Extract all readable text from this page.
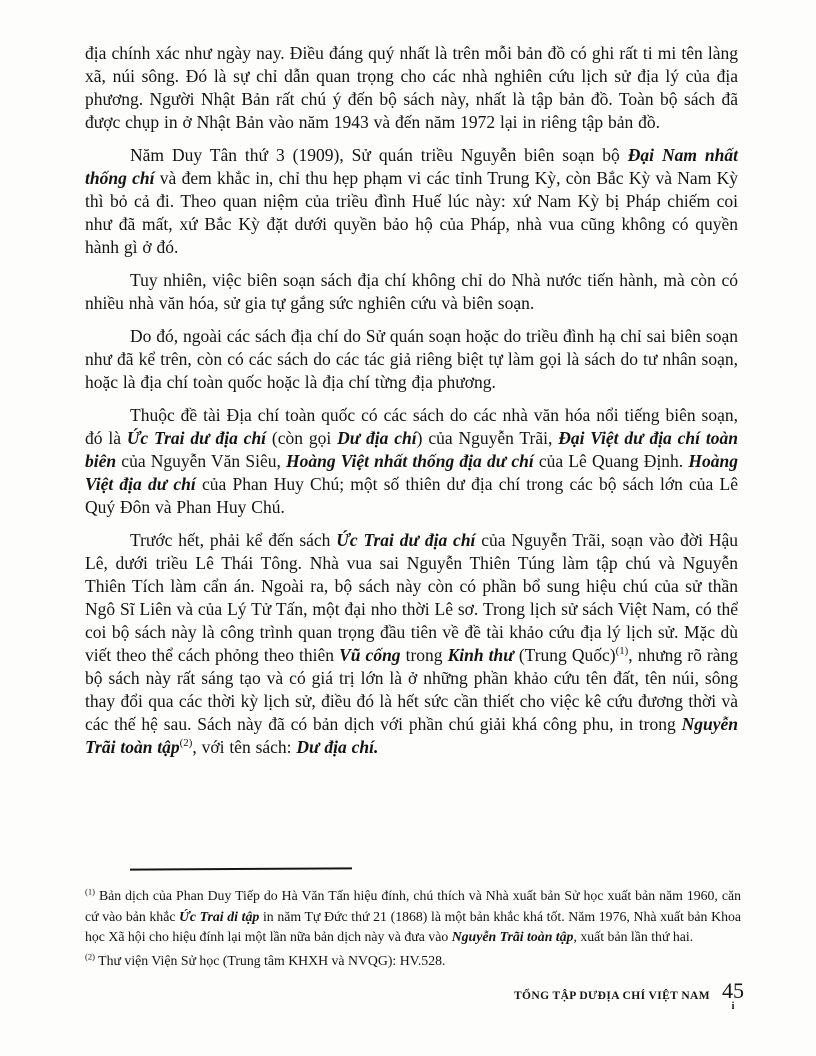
địa chính xác như ngày nay. Điều đáng quý nhất là trên mỗi bản đồ có ghi rất ti mi tên làng xã, núi sông. Đó là sự chỉ dẫn quan trọng cho các nhà nghiên cứu lịch sử địa lý của địa phương. Người Nhật Bản rất chú ý đến bộ sách này, nhất là tập bản đồ. Toàn bộ sách đã được chụp in ở Nhật Bản vào năm 1943 và đến năm 1972 lại in riêng tập bản đồ.

Năm Duy Tân thứ 3 (1909), Sử quán triều Nguyễn biên soạn bộ Đại Nam nhất thống chí và đem khắc in, chỉ thu hẹp phạm vi các tỉnh Trung Kỳ, còn Bắc Kỳ và Nam Kỳ thì bỏ cả đi. Theo quan niệm của triều đình Huế lúc này: xứ Nam Kỳ bị Pháp chiếm coi như đã mất, xứ Bắc Kỳ đặt dưới quyền bảo hộ của Pháp, nhà vua cũng không có quyền hành gì ở đó.

Tuy nhiên, việc biên soạn sách địa chí không chỉ do Nhà nước tiến hành, mà còn có nhiều nhà văn hóa, sử gia tự gắng sức nghiên cứu và biên soạn.

Do đó, ngoài các sách địa chí do Sử quán soạn hoặc do triều đình hạ chỉ sai biên soạn như đã kể trên, còn có các sách do các tác giả riêng biệt tự làm gọi là sách do tư nhân soạn, hoặc là địa chí toàn quốc hoặc là địa chí từng địa phương.

Thuộc đề tài Địa chí toàn quốc có các sách do các nhà văn hóa nổi tiếng biên soạn, đó là Ức Trai dư địa chí (còn gọi Dư địa chí) của Nguyễn Trãi, Đại Việt dư địa chí toàn biên của Nguyễn Văn Siêu, Hoàng Việt nhất thống địa dư chí của Lê Quang Định. Hoàng Việt địa dư chí của Phan Huy Chú; một số thiên dư địa chí trong các bộ sách lớn của Lê Quý Đôn và Phan Huy Chú.

Trước hết, phải kể đến sách Ức Trai dư địa chí của Nguyễn Trãi, soạn vào đời Hậu Lê, dưới triều Lê Thái Tông. Nhà vua sai Nguyễn Thiên Túng làm tập chú và Nguyễn Thiên Tích làm cẩn án. Ngoài ra, bộ sách này còn có phần bổ sung hiệu chú của sử thần Ngô Sĩ Liên và của Lý Tử Tấn, một đại nho thời Lê sơ. Trong lịch sử sách Việt Nam, có thể coi bộ sách này là công trình quan trọng đầu tiên về đề tài khảo cứu địa lý lịch sử. Mặc dù viết theo thể cách phỏng theo thiên Vũ cống trong Kinh thư (Trung Quốc)$^{(1)}$, nhưng rõ ràng bộ sách này rất sáng tạo và có giá trị lớn là ở những phần khảo cứu tên đất, tên núi, sông thay đổi qua các thời kỳ lịch sử, điều đó là hết sức cần thiết cho việc kê cứu đương thời và các thế hệ sau. Sách này đã có bản dịch với phần chú giải khá công phu, in trong Nguyễn Trãi toàn tập$^{(2)}$, với tên sách: Dư địa chí.

$^{(1)}$ Bản dịch của Phan Duy Tiếp do Hà Văn Tấn hiệu đính, chú thích và Nhà xuất bản Sử học xuất bản năm 1960, căn cứ vào bản khắc Ức Trai di tập in năm Tự Đức thứ 21 (1868) là một bản khắc khá tốt. Năm 1976, Nhà xuất bản Khoa học Xã hội cho hiệu đính lại một lần nữa bản dịch này và đưa vào Nguyễn Trãi toàn tập, xuất bản lần thứ hai.

$^{(2)}$ Thư viện Viện Sử học (Trung tâm KHXH và NVQG): HV.528.

TỔNG TẬP DƯĐỊA CHÍ VIỆT NAM 45
i
